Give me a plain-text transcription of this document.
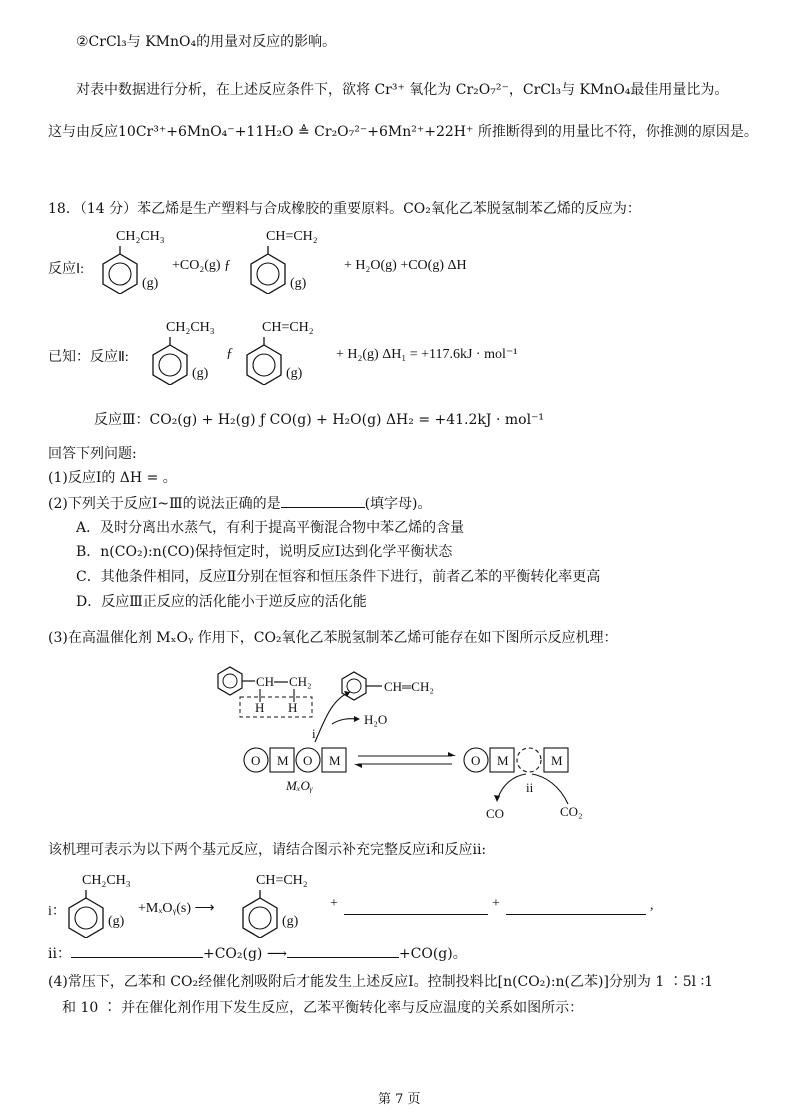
②CrCl₃与 KMnO₄的用量对反应的影响。
对表中数据进行分析，在上述反应条件下，欲将 Cr³⁺ 氧化为 Cr₂O₇²⁻，CrCl₃与 KMnO₄最佳用量比为。
这与由反应10Cr³⁺+6MnO₄⁻+11H₂O ≜ Cr₂O₇²⁻+6Mn²⁺+22H⁺ 所推断得到的用量比不符，你推测的原因是。
18．（14 分）苯乙烯是生产塑料与合成橡胶的重要原料。CO₂氧化乙苯脱氢制苯乙烯的反应为：
反应Ⅰ:
CH₂CH₃
(g)
+CO₂(g) ƒ
CH=CH₂
(g)
+ H₂O(g) +CO(g) ΔH
已知：反应Ⅱ:
CH₂CH₃
(g)
ƒ
CH=CH₂
(g)
+ H₂(g) ΔH₁ = +117.6kJ · mol⁻¹
反应Ⅲ：CO₂(g) + H₂(g) ƒ CO(g) + H₂O(g) ΔH₂ = +41.2kJ · mol⁻¹
回答下列问题:
(1)反应Ⅰ的 ΔH = 。
(2)下列关于反应Ⅰ~Ⅲ的说法正确的是	(填字母)。
A．及时分离出水蒸气，有利于提高平衡混合物中苯乙烯的含量
B．n(CO₂):n(CO)保持恒定时，说明反应Ⅰ达到化学平衡状态
C．其他条件相同，反应Ⅱ分别在恒容和恒压条件下进行，前者乙苯的平衡转化率更高
D．反应Ⅲ正反应的活化能小于逆反应的活化能
(3)在高温催化剂 MₓOᵧ 作用下，CO₂氧化乙苯脱氢制苯乙烯可能存在如下图所示反应机理：
CH CH₂
H H
H₂O
i
CH═CH₂
O M O M
MₓOᵧ
O M	M
ii
CO	CO₂
该机理可表示为以下两个基元反应，请结合图示补充完整反应i和反应ii:
i：
CH₂CH₃
(g)
+MₓOᵧ(s) ⟶
CH=CH₂
(g)
+	+	,
ii：	+CO₂(g) ⟶	+CO(g)。
(4)常压下，乙苯和 CO₂经催化剂吸附后才能发生上述反应Ⅰ。控制投料比[n(CO₂):n(乙苯)]分别为 1 ∶5l ∶1
和 10 ∶ 并在催化剂作用下发生反应，乙苯平衡转化率与反应温度的关系如图所示：
第 7 页
